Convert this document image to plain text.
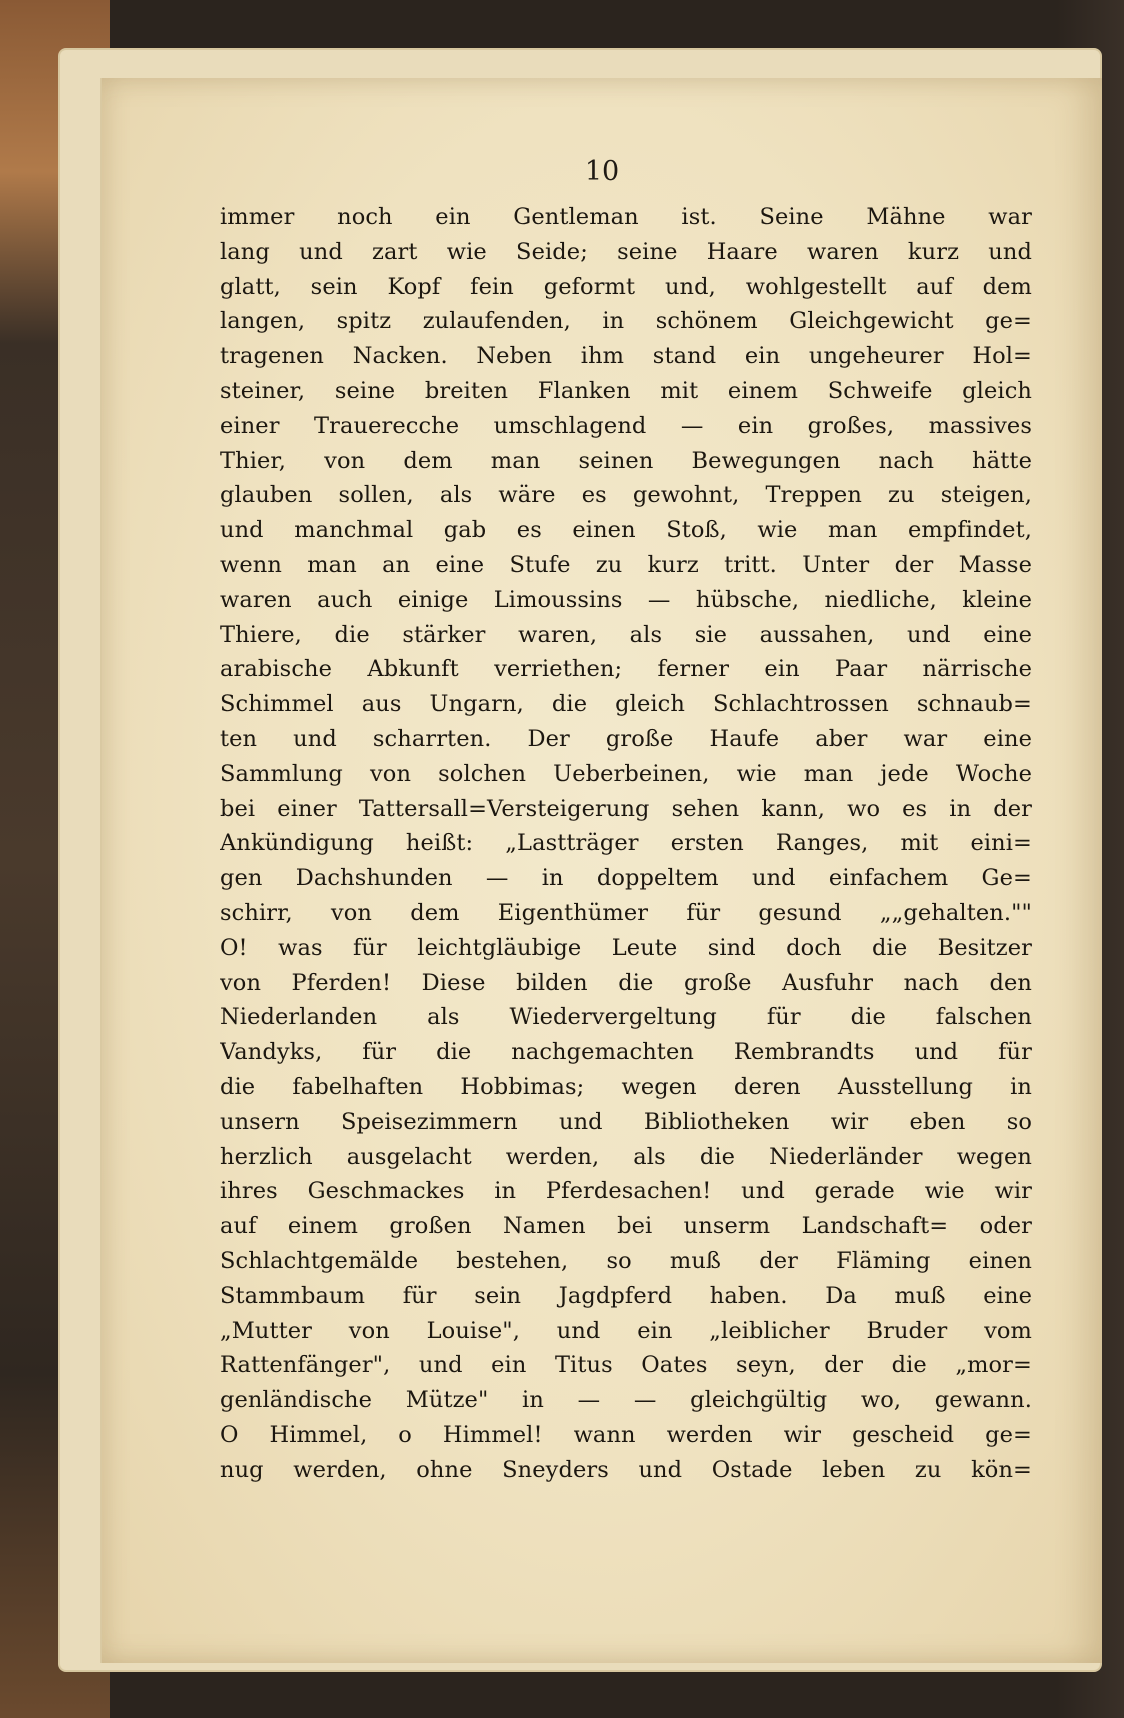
10

immer noch ein Gentleman ist. Seine Mähne war
lang und zart wie Seide; seine Haare waren kurz und
glatt, sein Kopf fein geformt und, wohlgestellt auf dem
langen, spitz zulaufenden, in schönem Gleichgewicht ge=
tragenen Nacken. Neben ihm stand ein ungeheurer Hol=
steiner, seine breiten Flanken mit einem Schweife gleich
einer Trauerесche umschlagend — ein großes, massives
Thier, von dem man seinen Bewegungen nach hätte
glauben sollen, als wäre es gewohnt, Treppen zu steigen,
und manchmal gab es einen Stoß, wie man empfindet,
wenn man an eine Stufe zu kurz tritt. Unter der Masse
waren auch einige Limoussins — hübsche, niedliche, kleine
Thiere, die stärker waren, als sie aussahen, und eine
arabische Abkunft verriethen; ferner ein Paar närrische
Schimmel aus Ungarn, die gleich Schlachtrossen schnaub=
ten und scharrten. Der große Haufe aber war eine
Sammlung von solchen Ueberbeinen, wie man jede Woche
bei einer Tattersall=Versteigerung sehen kann, wo es in der
Ankündigung heißt: „Lastträger ersten Ranges, mit eini=
gen Dachshunden — in doppeltem und einfachem Ge=
schirr, von dem Eigenthümer für gesund „„gehalten.""
O! was für leichtgläubige Leute sind doch die Besitzer
von Pferden! Diese bilden die große Ausfuhr nach den
Niederlanden als Wiedervergeltung für die falschen
Vandyks, für die nachgemachten Rembrandts und für
die fabelhaften Hobbimas; wegen deren Ausstellung in
unsern Speisezimmern und Bibliotheken wir eben so
herzlich ausgelacht werden, als die Niederländer wegen
ihres Geschmackes in Pferdesachen! und gerade wie wir
auf einem großen Namen bei unserm Landschaft= oder
Schlachtgemälde bestehen, so muß der Fläming einen
Stammbaum für sein Jagdpferd haben. Da muß eine
„Mutter von Louise", und ein „leiblicher Bruder vom
Rattenfänger", und ein Titus Oates seyn, der die „mor=
genländische Mütze" in — — gleichgültig wo, gewann.
O Himmel, o Himmel! wann werden wir gescheid ge=
nug werden, ohne Sneyders und Ostade leben zu kön=
